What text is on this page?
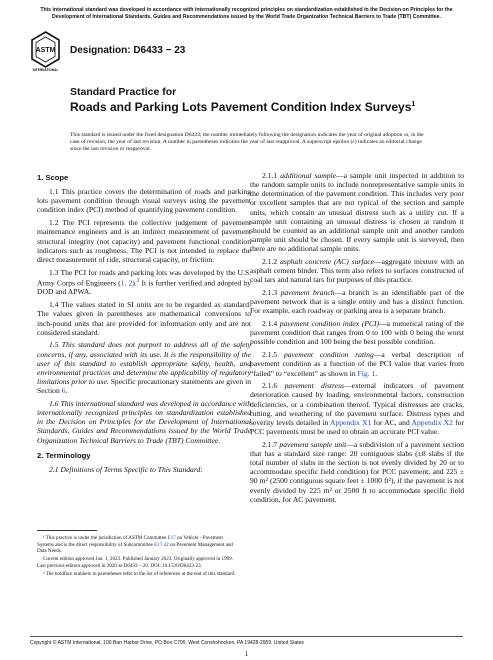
This international standard was developed in accordance with internationally recognized principles on standardization established in the Decision on Principles for the Development of International Standards, Guides and Recommendations issued by the World Trade Organization Technical Barriers to Trade (TBT) Committee.
ASTM
INTERNATIONAL
Designation: D6433 − 23
Standard Practice for
Roads and Parking Lots Pavement Condition Index Surveys$^1$
This standard is issued under the fixed designation D6433; the number immediately following the designation indicates the year of original adoption or, in the case of revision, the year of last revision. A number in parentheses indicates the year of last reapproval. A superscript epsilon (ε) indicates an editorial change since the last revision or reapproval.
1. Scope
1.1 This practice covers the determination of roads and parking lots pavement condition through visual surveys using the pavement condition index (PCI) method of quantifying pavement condition.
1.2 The PCI represents the collective judgement of pavement maintenance engineers and is an indirect measurement of pavement structural integrity (not capacity) and pavement functional condition indicators such as roughness. The PCI is not intended to replace the direct measurement of ride, structural capacity, or friction.
1.3 The PCI for roads and parking lots was developed by the U.S. Army Corps of Engineers (1, 2).$^2$ It is further verified and adopted by DOD and APWA.
1.4 The values stated in SI units are to be regarded as standard. The values given in parentheses are mathematical conversions to inch-pound units that are provided for information only and are not considered standard.
1.5 This standard does not purport to address all of the safety concerns, if any, associated with its use. It is the responsibility of the user of this standard to establish appropriate safety, health, and environmental practices and determine the applicability of regulatory limitations prior to use. Specific precautionary statements are given in Section 6.
1.6 This international standard was developed in accordance with internationally recognized principles on standardization established in the Decision on Principles for the Development of International Standards, Guides and Recommendations issued by the World Trade Organization Technical Barriers to Trade (TBT) Committee.
2. Terminology
2.1 Definitions of Terms Specific to This Standard:
2.1.1 additional sample—a sample unit inspected in addition to the random sample units to include nonrepresentative sample units in the determination of the pavement condition. This includes very poor or excellent samples that are not typical of the section and sample units, which contain an unusual distress such as a utility cut. If a sample unit containing an unusual distress is chosen at random it should be counted as an additional sample unit and another random sample unit should be chosen. If every sample unit is surveyed, then there are no additional sample units.
2.1.2 asphalt concrete (AC) surface—aggregate mixture with an asphalt cement binder. This term also refers to surfaces constructed of coal tars and natural tars for purposes of this practice.
2.1.3 pavement branch—a branch is an identifiable part of the pavement network that is a single entity and has a distinct function. For example, each roadway or parking area is a separate branch.
2.1.4 pavement condition index (PCI)—a numerical rating of the pavement condition that ranges from 0 to 100 with 0 being the worst possible condition and 100 being the best possible condition.
2.1.5 pavement condition rating—a verbal description of pavement condition as a function of the PCI value that varies from “failed” to “excellent” as shown in Fig. 1.
2.1.6 pavement distress—external indicators of pavement deterioration caused by loading, environmental factors, construction deficiencies, or a combination thereof. Typical distresses are cracks, rutting, and weathering of the pavement surface. Distress types and severity levels detailed in Appendix X1 for AC, and Appendix X2 for PCC pavements must be used to obtain an accurate PCI value.
2.1.7 pavement sample unit—a subdivision of a pavement section that has a standard size range: 20 contiguous slabs (±8 slabs if the total number of slabs in the section is not evenly divided by 20 or to accommodate specific field condition) for PCC pavement, and 225 ± 90 m² (2500 contiguous square feet ± 1000 ft²), if the pavement is not evenly divided by 225 m² or 2500 ft to accommodate specific field condition, for AC pavement.
¹ This practice is under the jurisdiction of ASTM Committee E17 on Vehicle - Pavement Systems and is the direct responsibility of Subcommittee E17.42 on Pavement Management and Data Needs.
Current edition approved Jan. 1, 2023. Published January 2023. Originally approved in 1999. Last previous edition approved in 2020 as D6433 – 20. DOI: 10.1520/D6433-23.
² The boldface numbers in parentheses refer to the list of references at the end of this standard.
Copyright © ASTM International, 100 Barr Harbor Drive, PO Box C700, West Conshohocken, PA 19428-2959. United States
1
